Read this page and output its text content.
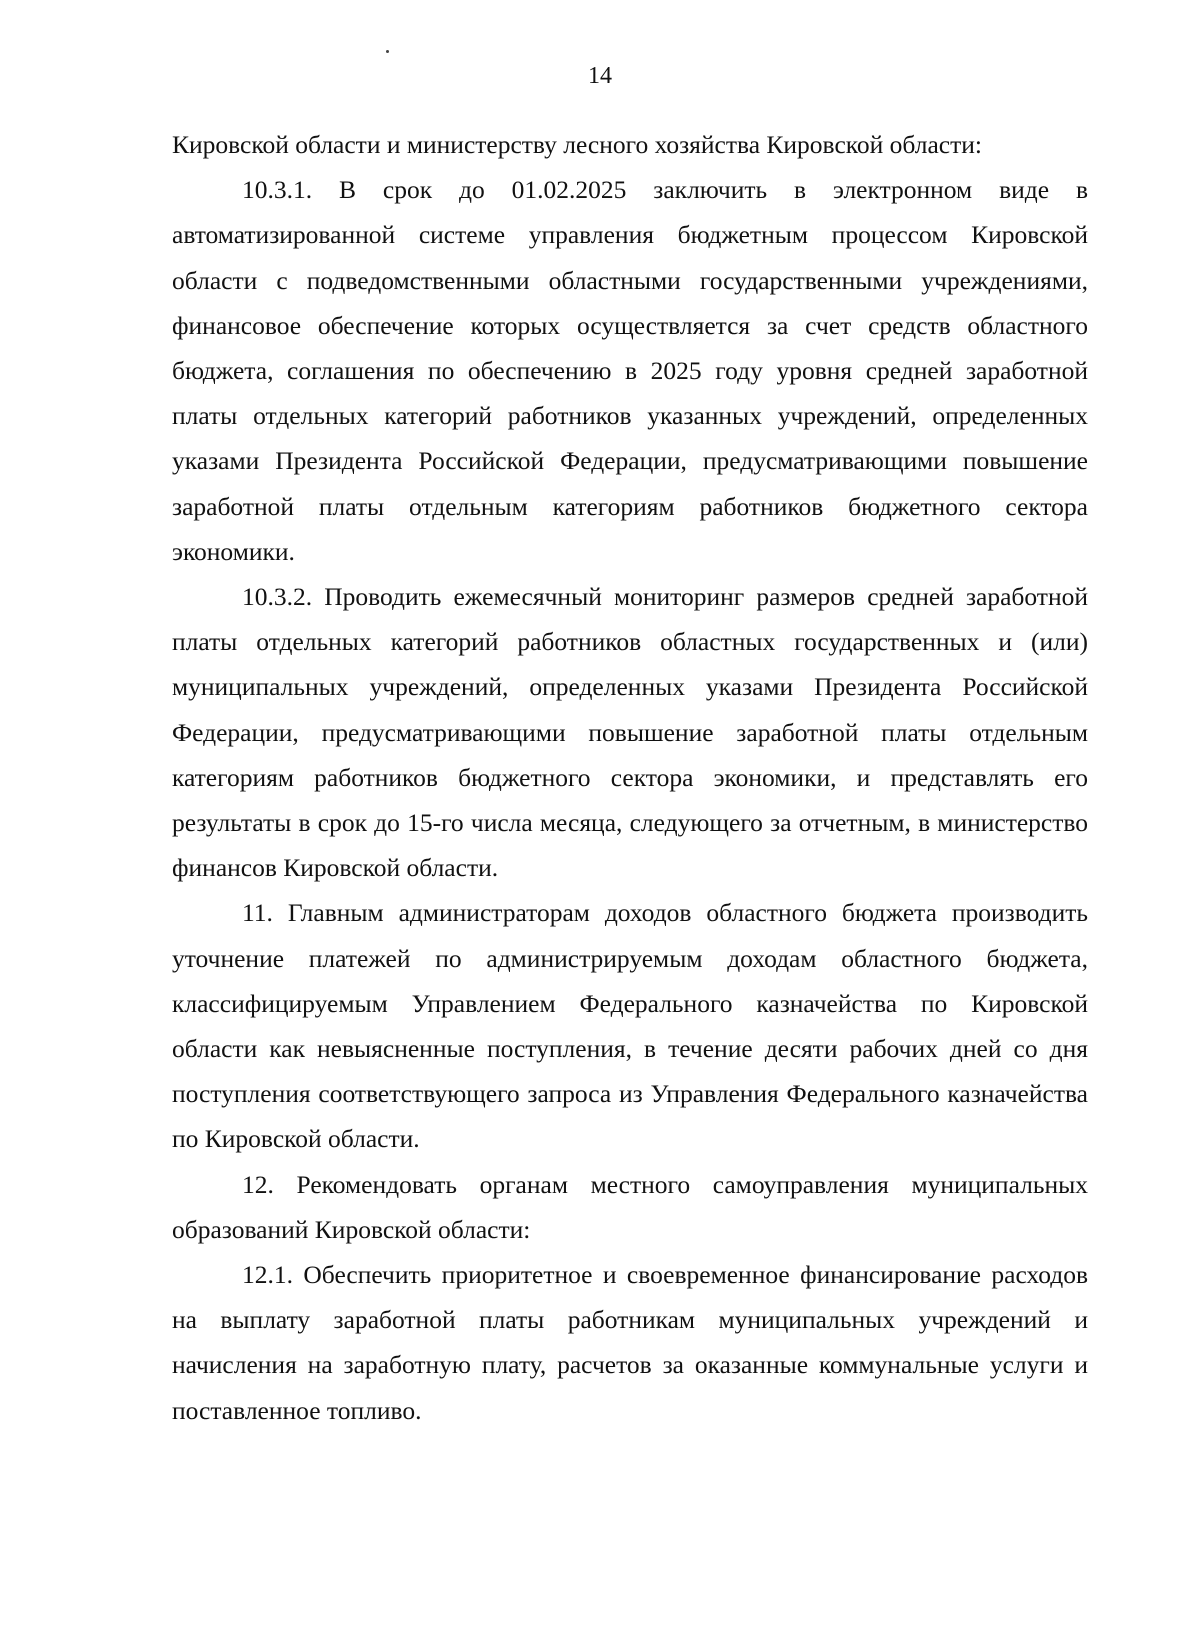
14

Кировской области и министерству лесного хозяйства Кировской области:

10.3.1. В срок до 01.02.2025 заключить в электронном виде в автоматизированной системе управления бюджетным процессом Кировской области с подведомственными областными государственными учреждениями, финансовое обеспечение которых осуществляется за счет средств областного бюджета, соглашения по обеспечению в 2025 году уровня средней заработной платы отдельных категорий работников указанных учреждений, определенных указами Президента Российской Федерации, предусматривающими повышение заработной платы отдельным категориям работников бюджетного сектора экономики.

10.3.2. Проводить ежемесячный мониторинг размеров средней заработной платы отдельных категорий работников областных государственных и (или) муниципальных учреждений, определенных указами Президента Российской Федерации, предусматривающими повышение заработной платы отдельным категориям работников бюджетного сектора экономики, и представлять его результаты в срок до 15-го числа месяца, следующего за отчетным, в министерство финансов Кировской области.

11. Главным администраторам доходов областного бюджета производить уточнение платежей по администрируемым доходам областного бюджета, классифицируемым Управлением Федерального казначейства по Кировской области как невыясненные поступления, в течение десяти рабочих дней со дня поступления соответствующего запроса из Управления Федерального казначейства по Кировской области.

12. Рекомендовать органам местного самоуправления муниципальных образований Кировской области:

12.1. Обеспечить приоритетное и своевременное финансирование расходов на выплату заработной платы работникам муниципальных учреждений и начисления на заработную плату, расчетов за оказанные коммунальные услуги и поставленное топливо.
